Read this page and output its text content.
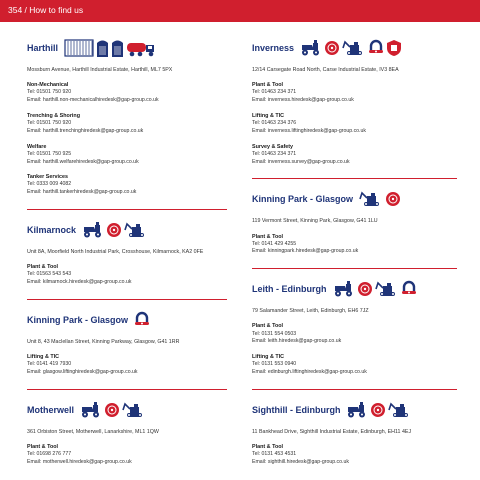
354 / How to find us
Harthill
Mossburn Avenue, Harthill Industrial Estate, Harthill, ML7 5PX
Non-Mechanical
Tel: 01501 750 920
Email: harthill.non-mechanicalhiredesk@gap-group.co.uk
Trenching & Shoring
Tel: 01501 750 920
Email: harthill.trenchinghiredesk@gap-group.co.uk
Welfare
Tel: 01501 750 925
Email: harthill.welfarehiredesk@gap-group.co.uk
Tanker Services
Tel: 0333 009 4082
Email: harthill.tankerhiredesk@gap-group.co.uk
Kilmarnock
Unit 8A, Moorfield North Industrial Park, Crosshouse, Kilmarnock, KA2 0FE
Plant & Tool
Tel: 01563 543 543
Email: kilmarnock.hiredesk@gap-group.co.uk
Kinning Park - Glasgow
Unit 8, 43 Maclellan Street, Kinning Parkway, Glasgow, G41 1RR
Lifting & TIC
Tel: 0141 419 7930
Email: glasgow.liftinghiredesk@gap-group.co.uk
Motherwell
361 Orbiston Street, Motherwell, Lanarkshire, ML1 1QW
Plant & Tool
Tel: 01698 276 777
Email: motherwell.hiredesk@gap-group.co.uk
Inverness
12/14 Carsegate Road North, Carse Industrial Estate, IV3 8EA
Plant & Tool
Tel: 01463 234 371
Email: inverness.hiredesk@gap-group.co.uk
Lifting & TIC
Tel: 01463 234 376
Email: inverness.liftinghiredesk@gap-group.co.uk
Survey & Safety
Tel: 01463 234 371
Email: inverness.survey@gap-group.co.uk
Kinning Park - Glasgow
119 Vermont Street, Kinning Park, Glasgow, G41 1LU
Plant & Tool
Tel: 0141 429 4255
Email: kinningpark.hiredesk@gap-group.co.uk
Leith - Edinburgh
79 Salamander Street, Leith, Edinburgh, EH6 7JZ
Plant & Tool
Tel: 0131 554 0503
Email: leith.hiredesk@gap-group.co.uk
Lifting & TIC
Tel: 0131 553 0940
Email: edinburgh.liftinghiredesk@gap-group.co.uk
Sighthill - Edinburgh
11 Bankhead Drive, Sighthill Industrial Estate, Edinburgh, EH11 4EJ
Plant & Tool
Tel: 0131 453 4531
Email: sighthill.hiredesk@gap-group.co.uk
